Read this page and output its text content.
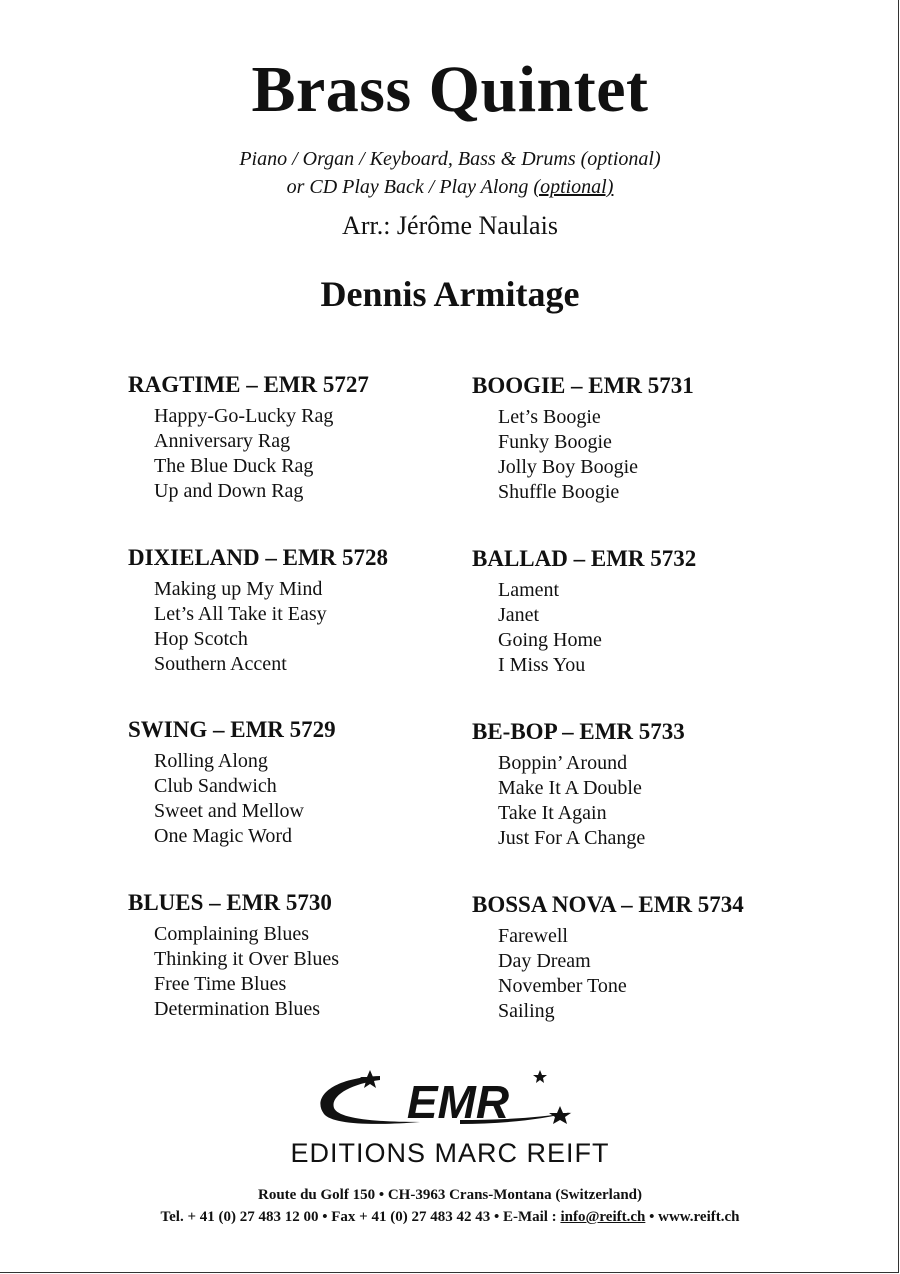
Brass Quintet
Piano / Organ / Keyboard, Bass & Drums (optional)
or CD Play Back / Play Along (optional)
Arr.: Jérôme Naulais
Dennis Armitage
RAGTIME – EMR 5727
Happy-Go-Lucky Rag
Anniversary Rag
The Blue Duck Rag
Up and Down Rag
BOOGIE – EMR 5731
Let’s Boogie
Funky Boogie
Jolly Boy Boogie
Shuffle Boogie
DIXIELAND – EMR 5728
Making up My Mind
Let’s All Take it Easy
Hop Scotch
Southern Accent
BALLAD – EMR 5732
Lament
Janet
Going Home
I Miss You
SWING – EMR 5729
Rolling Along
Club Sandwich
Sweet and Mellow
One Magic Word
BE-BOP – EMR 5733
Boppin’ Around
Make It A Double
Take It Again
Just For A Change
BLUES – EMR 5730
Complaining Blues
Thinking it Over Blues
Free Time Blues
Determination Blues
BOSSA NOVA – EMR 5734
Farewell
Day Dream
November Tone
Sailing
EMR
EDITIONS MARC REIFT
Route du Golf 150 • CH-3963 Crans-Montana (Switzerland)
Tel. + 41 (0) 27 483 12 00 • Fax + 41 (0) 27 483 42 43 • E-Mail : info@reift.ch • www.reift.ch
